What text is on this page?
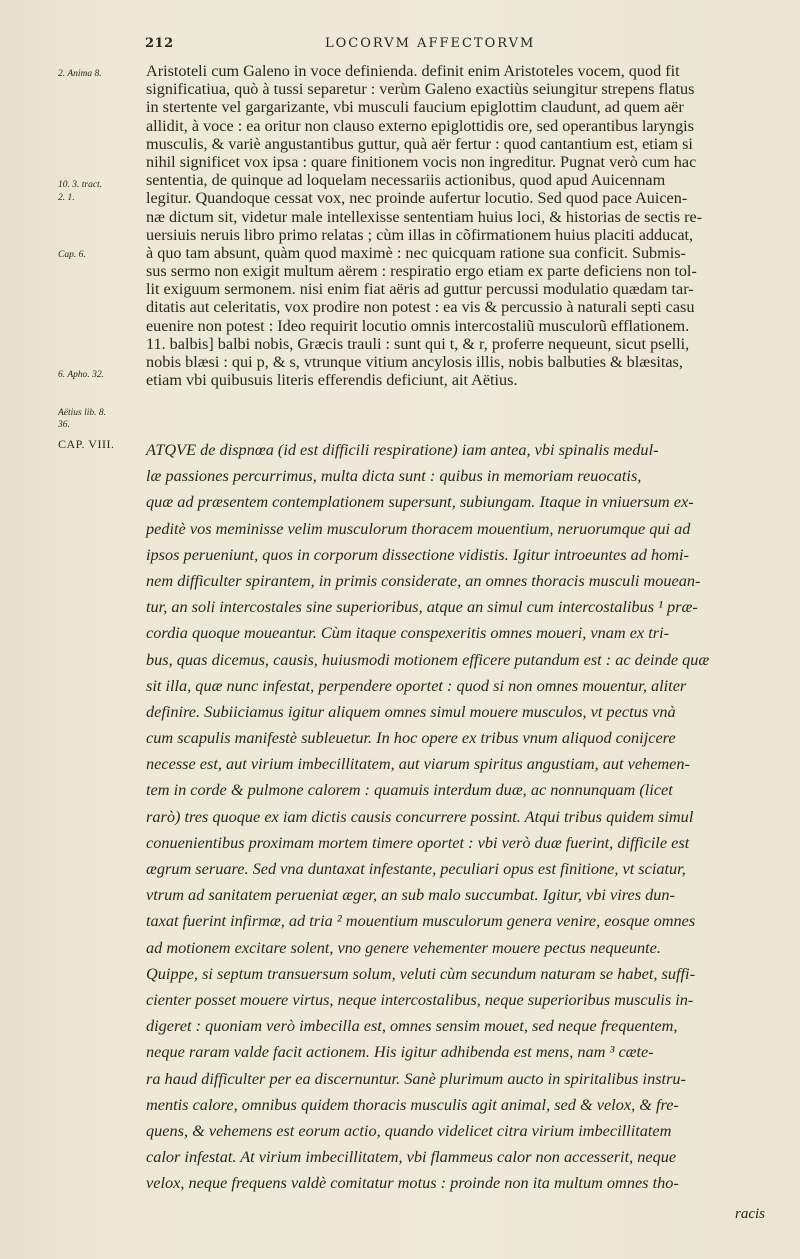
212	LOCORVM AFFECTORVM
2. Anima 8.
10. 3. tract.
2. 1.
Cap. 6.
6. Apho. 32.
Aëtius lib. 8.
36.
CAP. VIII.
Aristoteli cum Galeno in voce definienda. definit enim Aristoteles vocem, quod fit
significatiua, quò à tussi separetur : verùm Galeno exactiùs seiungitur strepens flatus
in stertente vel gargarizante, vbi musculi faucium epiglottim claudunt, ad quem aër
allidit, à voce : ea oritur non clauso externo epiglottidis ore, sed operantibus laryngis
musculis, & variè angustantibus guttur, quà aër fertur : quod cantantium est, etiam si
nihil significet vox ipsa : quare finitionem vocis non ingreditur. Pugnat verò cum hac
sententia, de quinque ad loquelam necessariis actionibus, quod apud Auicennam
legitur. Quandoque cessat vox, nec proinde aufertur locutio. Sed quod pace Auicen-
næ dictum sit, videtur male intellexisse sententiam huius loci, & historias de sectis re-
uersiuis neruis libro primo relatas ; cùm illas in cõfirmationem huius placiti adducat,
à quo tam absunt, quàm quod maximè : nec quicquam ratione sua conficit. Submis-
sus sermo non exigit multum aërem : respiratio ergo etiam ex parte deficiens non tol-
lit exiguum sermonem. nisi enim fiat aëris ad guttur percussi modulatio quædam tar-
ditatis aut celeritatis, vox prodire non potest : ea vis & percussio à naturali septi casu
euenire non potest : Ideo requirit locutio omnis intercostaliũ musculorũ efflationem.
11. balbis] balbi nobis, Græcis trauli : sunt qui t, & r, proferre nequeunt, sicut pselli,
nobis blæsi : qui p, & s, vtrunque vitium ancylosis illis, nobis balbuties & blæsitas,
etiam vbi quibusuis literis efferendis deficiunt, ait Aëtius.
ATQVE de dispnœa (id est difficili respiratione) iam antea, vbi spinalis medul-
læ passiones percurrimus, multa dicta sunt : quibus in memoriam reuocatis,
quæ ad præsentem contemplationem supersunt, subiungam. Itaque in vniuersum ex-
peditè vos meminisse velim musculorum thoracem mouentium, neruorumque qui ad
ipsos perueniunt, quos in corporum dissectione vidistis. Igitur introeuntes ad homi-
nem difficulter spirantem, in primis considerate, an omnes thoracis musculi mouean-
tur, an soli intercostales sine superioribus, atque an simul cum intercostalibus ¹ præ-
cordia quoque moueantur. Cùm itaque conspexeritis omnes moueri, vnam ex tri-
bus, quas dicemus, causis, huiusmodi motionem efficere putandum est : ac deinde quæ
sit illa, quæ nunc infestat, perpendere oportet : quod si non omnes mouentur, aliter
definire. Subiiciamus igitur aliquem omnes simul mouere musculos, vt pectus vnà
cum scapulis manifestè subleuetur. In hoc opere ex tribus vnum aliquod conijcere
necesse est, aut virium imbecillitatem, aut viarum spiritus angustiam, aut vehemen-
tem in corde & pulmone calorem : quamuis interdum duæ, ac nonnunquam (licet
rarò) tres quoque ex iam dictis causis concurrere possint. Atqui tribus quidem simul
conuenientibus proximam mortem timere oportet : vbi verò duæ fuerint, difficile est
ægrum seruare. Sed vna duntaxat infestante, peculiari opus est finitione, vt sciatur,
vtrum ad sanitatem perueniat æger, an sub malo succumbat. Igitur, vbi vires dun-
taxat fuerint infirmæ, ad tria ² mouentium musculorum genera venire, eosque omnes
ad motionem excitare solent, vno genere vehementer mouere pectus nequeunte.
Quippe, si septum transuersum solum, veluti cùm secundum naturam se habet, suffi-
cienter posset mouere virtus, neque intercostalibus, neque superioribus musculis in-
digeret : quoniam verò imbecilla est, omnes sensim mouet, sed neque frequentem,
neque raram valde facit actionem. His igitur adhibenda est mens, nam ³ cæte-
ra haud difficulter per ea discernuntur. Sanè plurimum aucto in spiritalibus instru-
mentis calore, omnibus quidem thoracis musculis agit animal, sed & velox, & fre-
quens, & vehemens est eorum actio, quando videlicet citra virium imbecillitatem
calor infestat. At virium imbecillitatem, vbi flammeus calor non accesserit, neque
velox, neque frequens valdè comitatur motus : proinde non ita multum omnes tho-
racis
